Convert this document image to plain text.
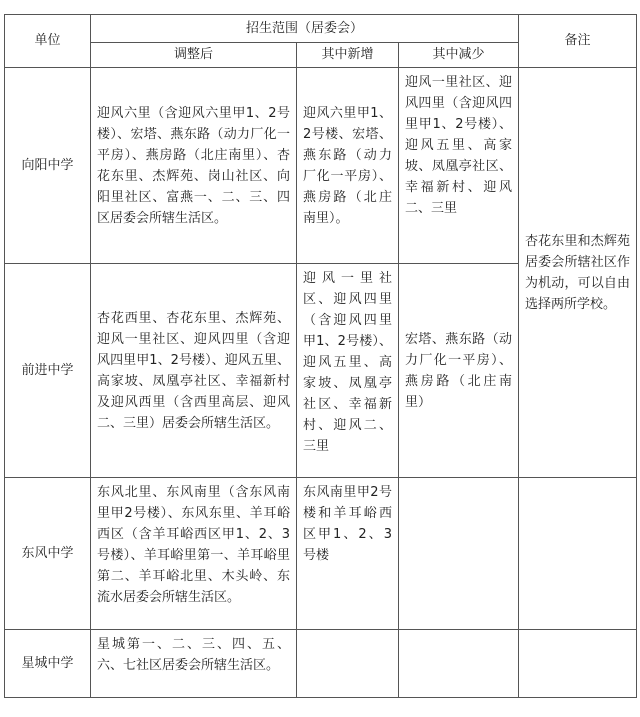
单位	招生范围（居委会）			备注
	调整后	其中新增	其中减少	
向阳中学	迎风六里（含迎风六里甲1、2号楼）、宏塔、燕东路（动力厂化一平房）、燕房路（北庄南里）、杏花东里、杰辉苑、岗山社区、向阳里社区、富燕一、二、三、四区居委会所辖生活区。	迎风六里甲1、2号楼、宏塔、燕东路（动力厂化一平房）、燕房路（北庄南里）。	迎风一里社区、迎风四里（含迎风四里甲1、2号楼）、迎风五里、高家坡、凤凰亭社区、幸福新村、迎风二、三里	杏花东里和杰辉苑居委会所辖社区作为机动，可以自由选择两所学校。
前进中学	杏花西里、杏花东里、杰辉苑、迎风一里社区、迎风四里（含迎风四里甲1、2号楼）、迎风五里、高家坡、凤凰亭社区、幸福新村及迎风西里（含西里高层、迎风二、三里）居委会所辖生活区。	迎风一里社区、迎风四里（含迎风四里甲1、2号楼）、迎风五里、高家坡、凤凰亭社区、幸福新村、迎风二、三里	宏塔、燕东路（动力厂化一平房）、燕房路（北庄南里）	
东风中学	东风北里、东风南里（含东风南里甲2号楼）、东风东里、羊耳峪西区（含羊耳峪西区甲1、2、3号楼）、羊耳峪里第一、羊耳峪里第二、羊耳峪北里、木头岭、东流水居委会所辖生活区。	东风南里甲2号楼和羊耳峪西区甲1、2、3号楼		
星城中学	星城第一、二、三、四、五、六、七社区居委会所辖生活区。			
